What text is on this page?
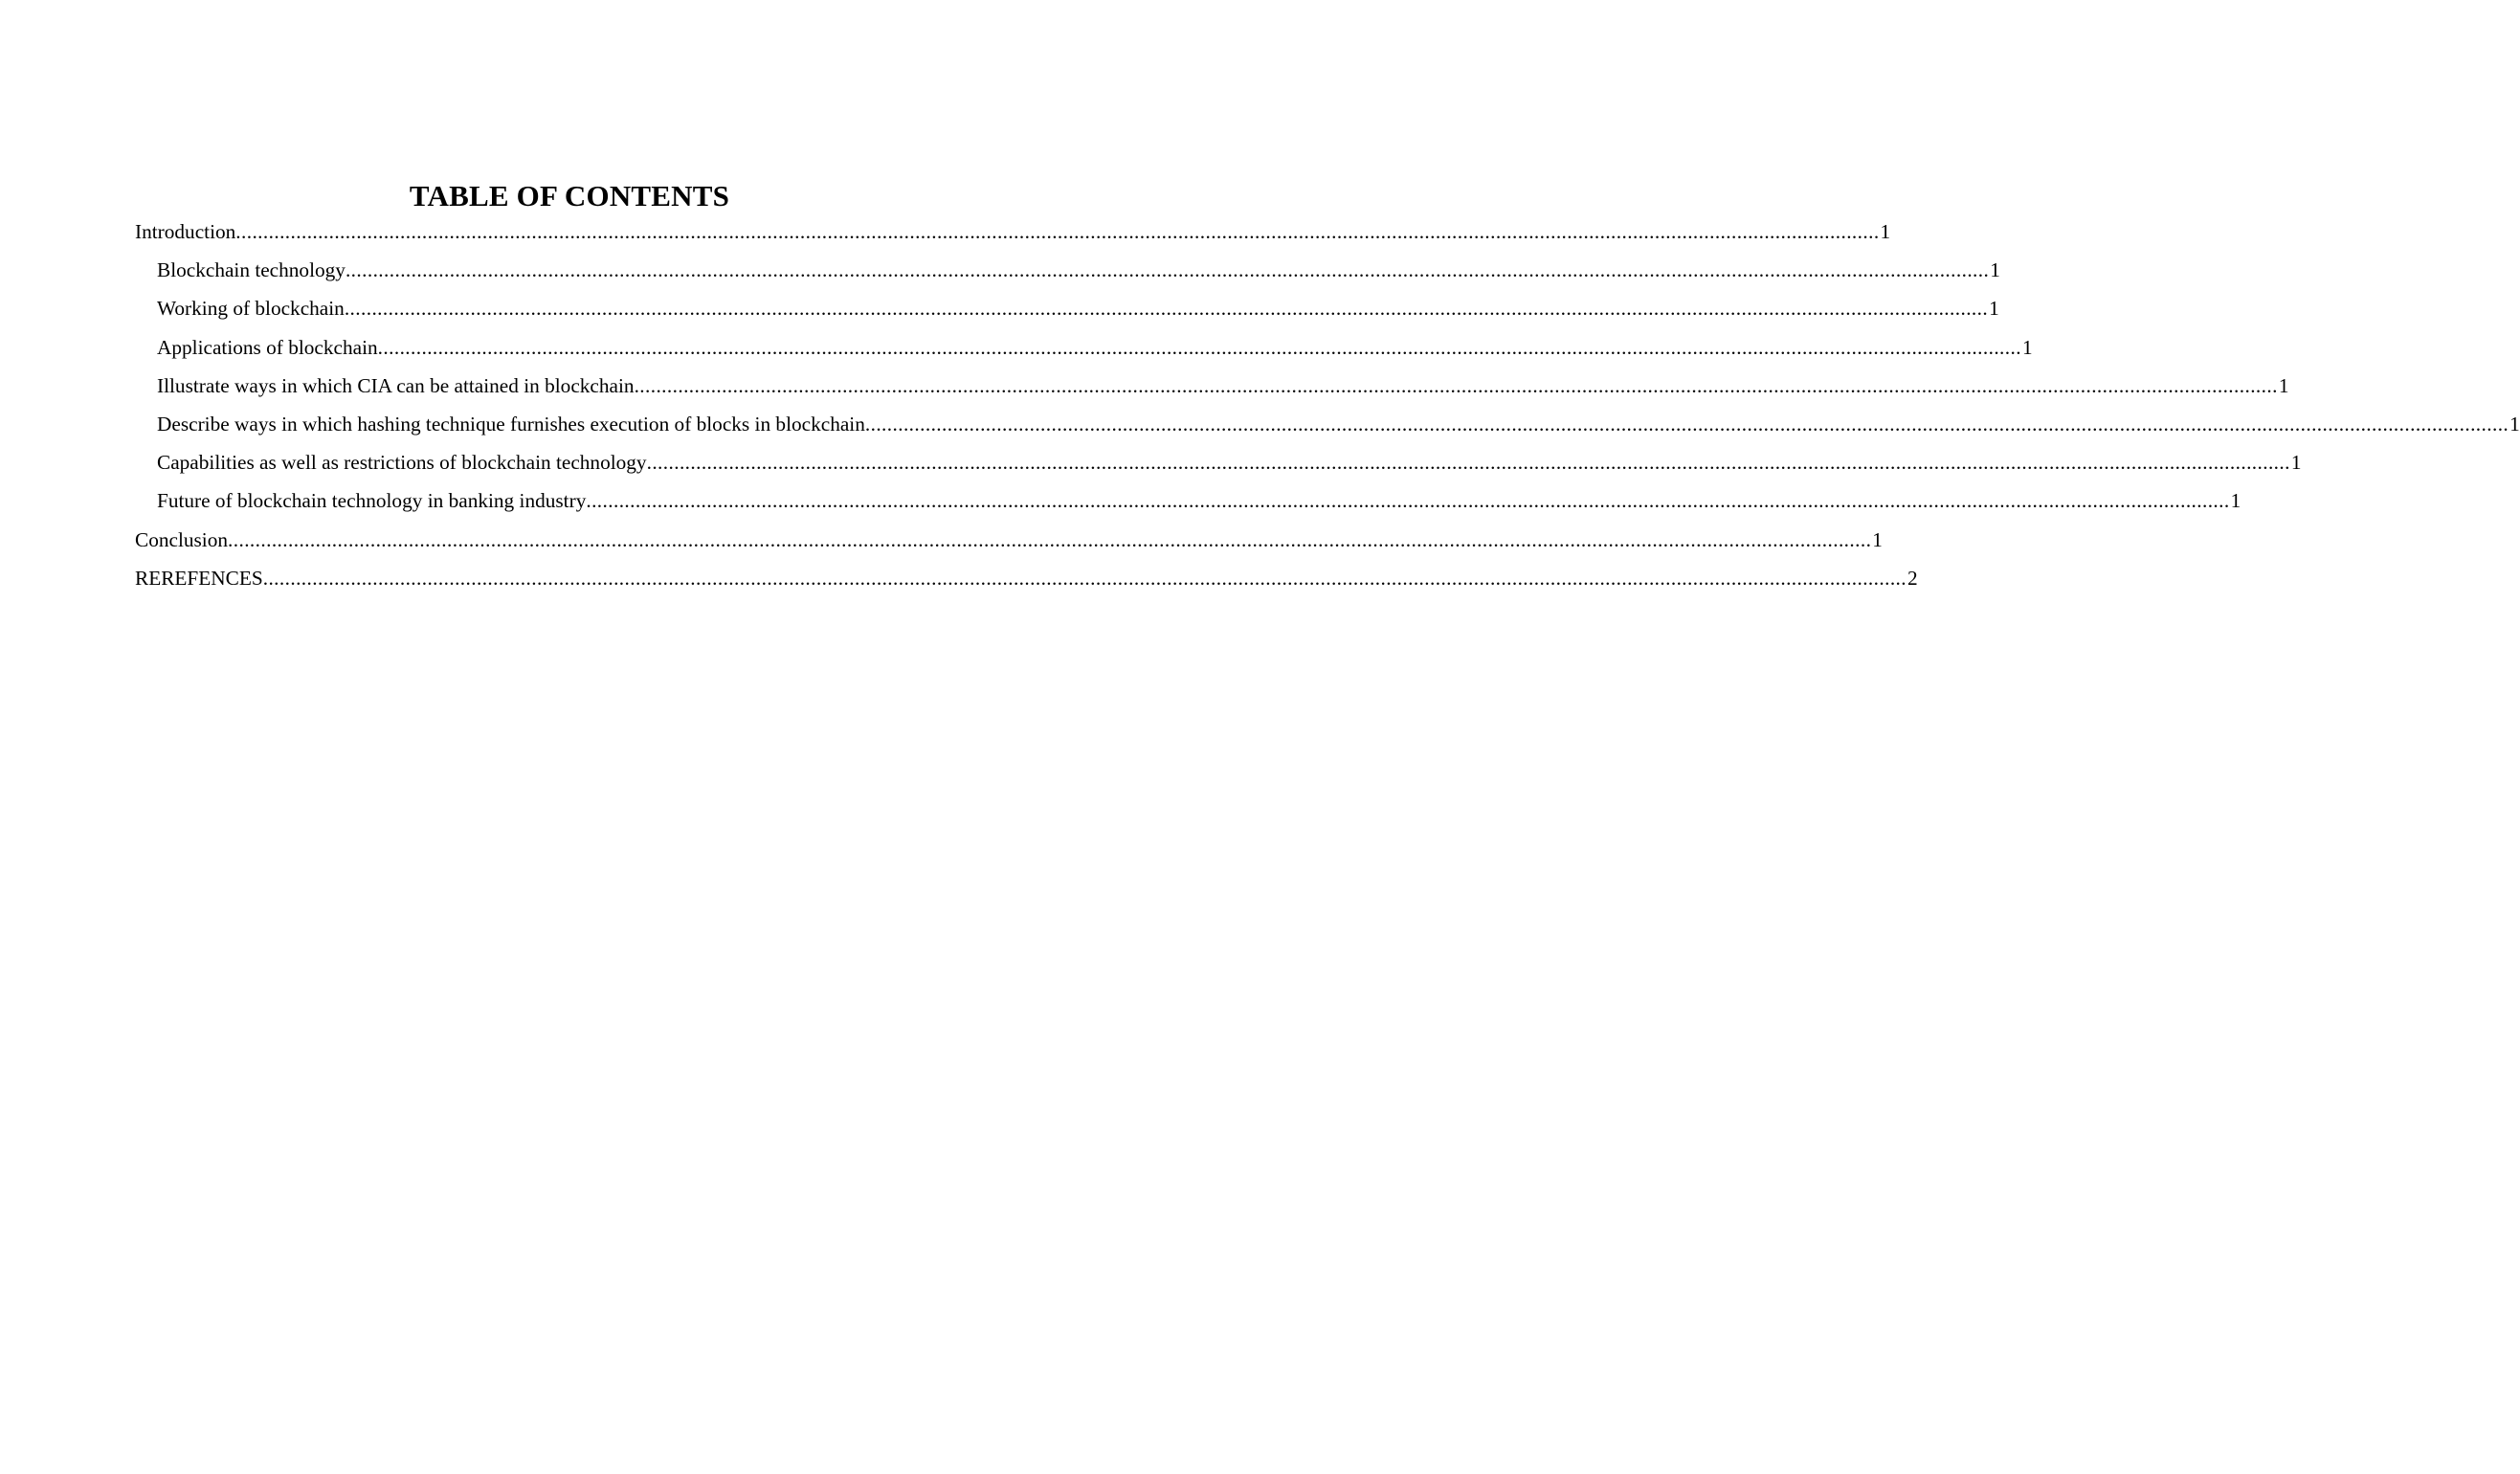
TABLE OF CONTENTS
Introduction ............................................................................................................................................................................................................................................................................................................ 1
Blockchain technology ............................................................................................................................................................................................................................................................................................................ 1
Working of blockchain ............................................................................................................................................................................................................................................................................................................ 1
Applications of blockchain ............................................................................................................................................................................................................................................................................................................ 1
Illustrate ways in which CIA can be attained in blockchain ............................................................................................................................................................................................................................................................................................................ 1
Describe ways in which hashing technique furnishes execution of blocks in blockchain ............................................................................................................................................................................................................................................................................................................ 1
Capabilities as well as restrictions of blockchain technology ............................................................................................................................................................................................................................................................................................................ 1
Future of blockchain technology in banking industry ............................................................................................................................................................................................................................................................................................................ 1
Conclusion ............................................................................................................................................................................................................................................................................................................ 1
REREFENCES ............................................................................................................................................................................................................................................................................................................ 2
